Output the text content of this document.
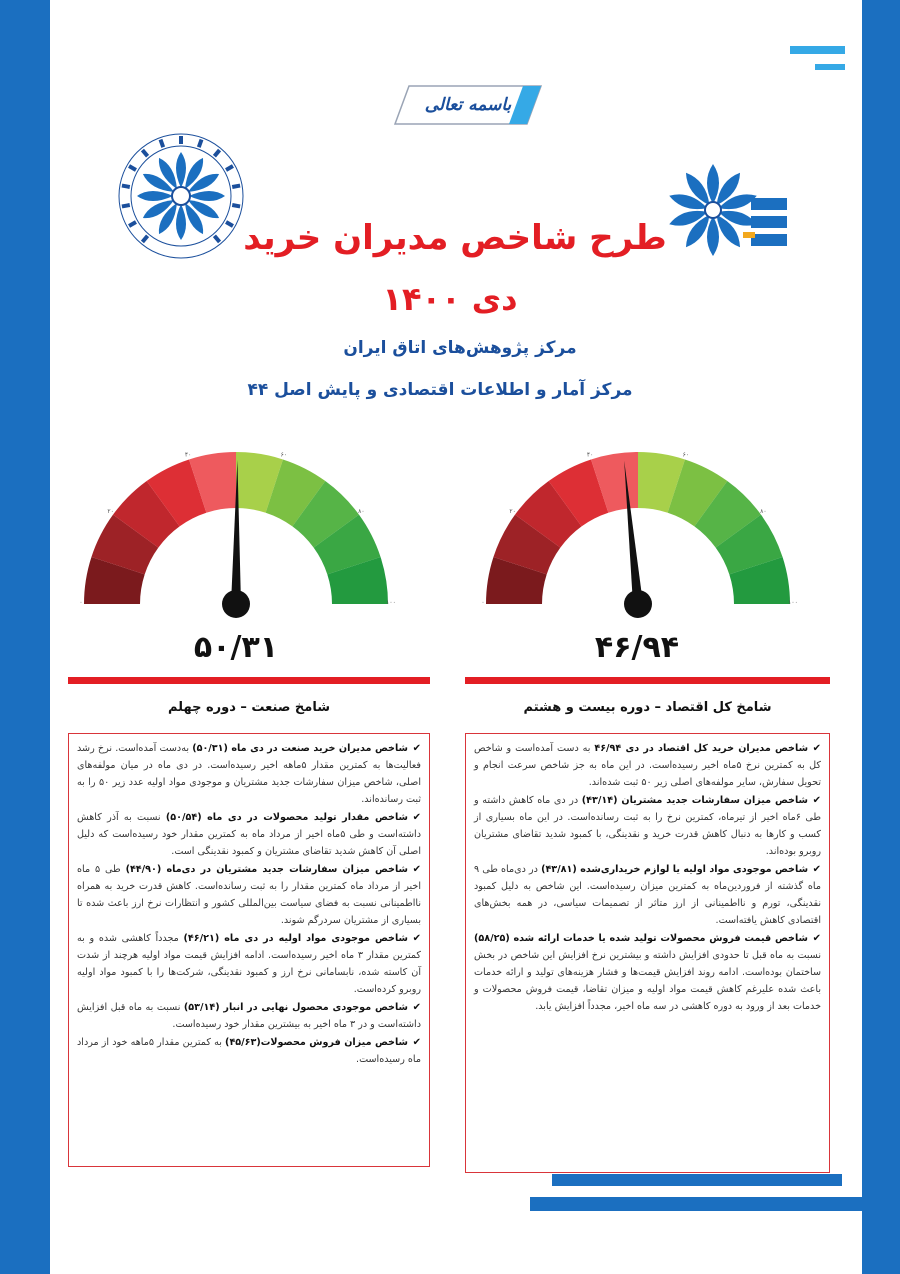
باسمه تعالی
طرح شاخص مدیران خرید
دی ۱۴۰۰
مرکز پژوهش‌های اتاق ایران
مرکز آمار و اطلاعات اقتصادی و پایش اصل ۴۴
۰
۲۰
۴۰	۶۰
۸۰
۱۰۰	۰
۲۰
۴۰	۶۰
۸۰
۱۰۰
۵۰/۳۱	۴۶/۹۴
شامخ صنعت – دوره چهلم	شامخ کل اقتصاد – دوره بیست و هشتم

✔شاخص مدیران خرید صنعت در دی ماه (۵۰/۳۱) به‌دست آمده‌است. نرخ رشد فعالیت‌ها به کمترین مقدار ۵ماهه اخیر رسیده‌است. در دی ماه در میان مولفه‌های اصلی، شاخص میزان سفارشات جدید مشتریان و موجودی مواد اولیه عدد زیر ۵۰ را به ثبت رسانده‌اند.

✔شاخص مقدار تولید محصولات در دی ماه (۵۰/۵۴) نسبت به آذر کاهش داشته‌است و طی ۵ماه اخیر از مرداد ماه به کمترین مقدار خود رسیده‌است که دلیل اصلی آن کاهش شدید تقاضای مشتریان و کمبود نقدینگی است.

✔شاخص میزان سفارشات جدید مشتریان در دی‌ماه (۴۴/۹۰) طی ۵ ماه اخیر از مرداد ماه کمترین مقدار را به ثبت رسانده‌است. کاهش قدرت خرید به همراه نااطمینانی نسبت به فضای سیاست بین‌المللی کشور و انتظارات نرخ ارز باعث شده تا بسیاری از مشتریان سردرگم شوند.

✔شاخص موجودی مواد اولیه در دی ماه (۴۶/۲۱) مجدداً کاهشی شده و به کمترین مقدار ۳ ماه اخیر رسیده‌است. ادامه افزایش قیمت مواد اولیه هرچند از شدت آن کاسته شده، نابسامانی نرخ ارز و کمبود نقدینگی، شرکت‌ها را با کمبود مواد اولیه روبرو کرده‌است.

✔شاخص موجودی محصول نهایی در انبار (۵۳/۱۴) نسبت به ماه قبل افزایش داشته‌است و در ۳ ماه اخیر به بیشترین مقدار خود رسیده‌است.

✔شاخص میزان فروش محصولات(۴۵/۶۳) به کمترین مقدار ۵ماهه خود از مرداد ماه رسیده‌است.

✔شاخص مدیران خرید کل اقتصاد در دی ۴۶/۹۴ به دست آمده‌است و شاخص کل به کمترین نرخ ۵ماه اخیر رسیده‌است. در این ماه به جز شاخص سرعت انجام و تحویل سفارش، سایر مولفه‌های اصلی زیر ۵۰ ثبت شده‌اند.

✔شاخص میزان سفارشات جدید مشتریان (۴۳/۱۴) در دی ماه کاهش داشته و طی ۶ماه اخیر از تیرماه، کمترین نرخ را به ثبت رسانده‌است. در این ماه بسیاری از کسب و کارها به دنبال کاهش قدرت خرید و نقدینگی، با کمبود شدید تقاضای مشتریان روبرو بوده‌اند.

✔شاخص موجودی مواد اولیه یا لوازم خریداری‌شده (۴۳/۸۱) در دی‌ماه طی ۹ ماه گذشته از فروردین‌ماه به کمترین میزان رسیده‌است. این شاخص به دلیل کمبود نقدینگی، تورم و نااطمینانی از ارز متاثر از تصمیمات سیاسی، در همه بخش‌های اقتصادی کاهش یافته‌است.

✔شاخص قیمت فروش محصولات تولید شده یا خدمات ارائه شده (۵۸/۲۵) نسبت به ماه قبل تا حدودی افزایش داشته و بیشترین نرخ افزایش این شاخص در بخش ساختمان بوده‌است. ادامه روند افزایش قیمت‌ها و فشار هزینه‌های تولید و ارائه خدمات باعث شده علیرغم کاهش قیمت مواد اولیه و میزان تقاضا، قیمت فروش محصولات و خدمات بعد از ورود به دوره کاهشی در سه ماه اخیر، مجدداً افزایش یابد.
